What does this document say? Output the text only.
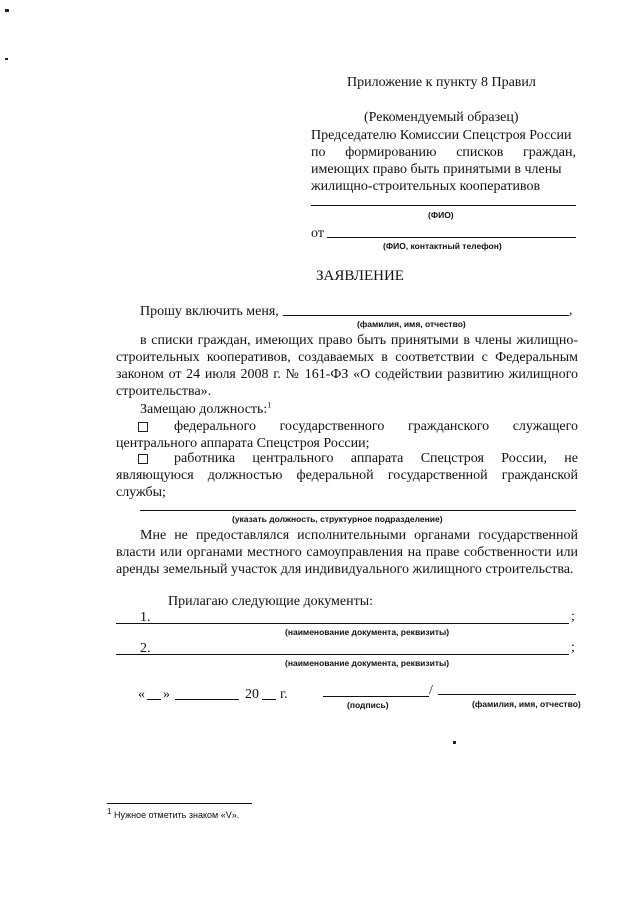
Приложение к пункту 8 Правил
(Рекомендуемый образец)
Председателю Комиссии Спецстроя России
по формированию списков граждан,
имеющих право быть принятыми в члены
жилищно-строительных кооперативов
(ФИО)
от
(ФИО, контактный телефон)
ЗАЯВЛЕНИЕ
Прошу включить меня,	,
(фамилия, имя, отчество)
в списки граждан, имеющих право быть принятыми в члены жилищно-
строительных кооперативов, создаваемых в соответствии с Федеральным
законом от 24 июля 2008 г. № 161-ФЗ «О содействии развитию жилищного
строительства».
Замещаю должность:$^1$
федерального государственного гражданского служащего
центрального аппарата Спецстроя России;
работника центрального аппарата Спецстроя России, не
являющуюся должностью федеральной государственной гражданской
службы;
(указать должность, структурное подразделение)
Мне не предоставлялся исполнительными органами государственной
власти или органами местного самоуправления на праве собственности или
аренды земельный участок для индивидуального жилищного строительства.
Прилагаю следующие документы:
1.	;
(наименование документа, реквизиты)
2.	;
(наименование документа, реквизиты)
« »	20 г.	/
(подпись)	(фамилия, имя, отчество)
$^1$ Нужное отметить знаком «V».
